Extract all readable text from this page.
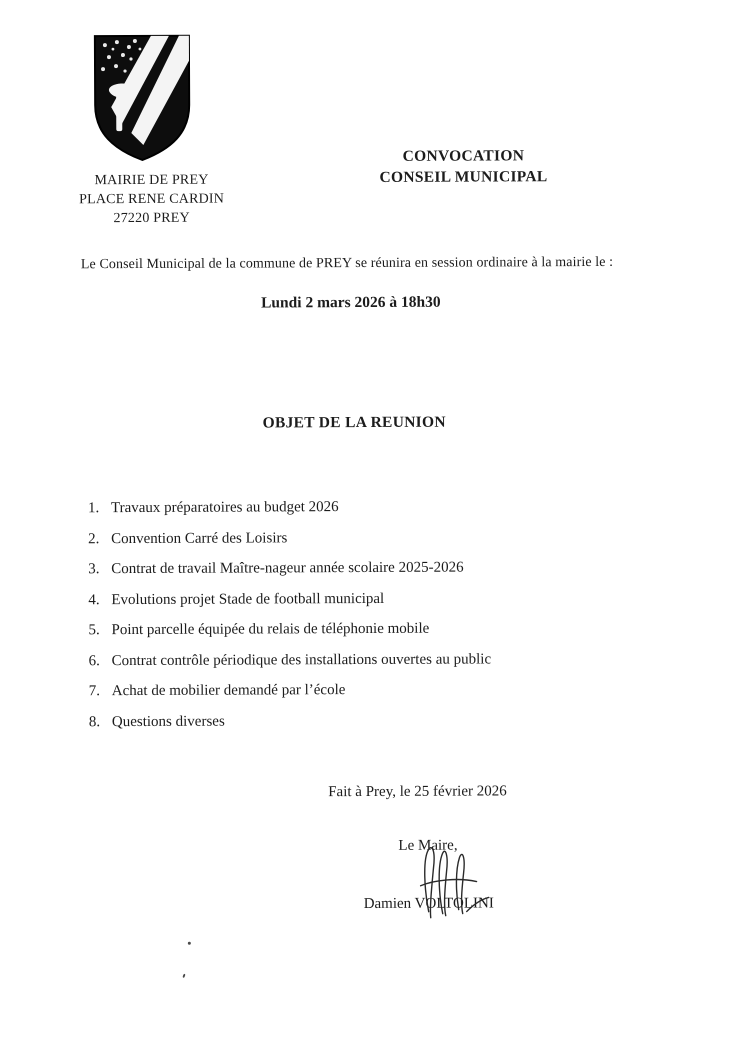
MAIRIE DE PREY
PLACE RENE CARDIN
27220 PREY
CONVOCATION
CONSEIL MUNICIPAL
Le Conseil Municipal de la commune de PREY se réunira en session ordinaire à la mairie le :
Lundi 2 mars 2026 à 18h30
OBJET DE LA REUNION
1. Travaux préparatoires au budget 2026
2. Convention Carré des Loisirs
3. Contrat de travail Maître-nageur année scolaire 2025-2026
4. Evolutions projet Stade de football municipal
5. Point parcelle équipée du relais de téléphonie mobile
6. Contrat contrôle périodique des installations ouvertes au public
7. Achat de mobilier demandé par l’école
8. Questions diverses
Fait à Prey, le 25 février 2026
Le Maire,
Damien VOLTOLINI
